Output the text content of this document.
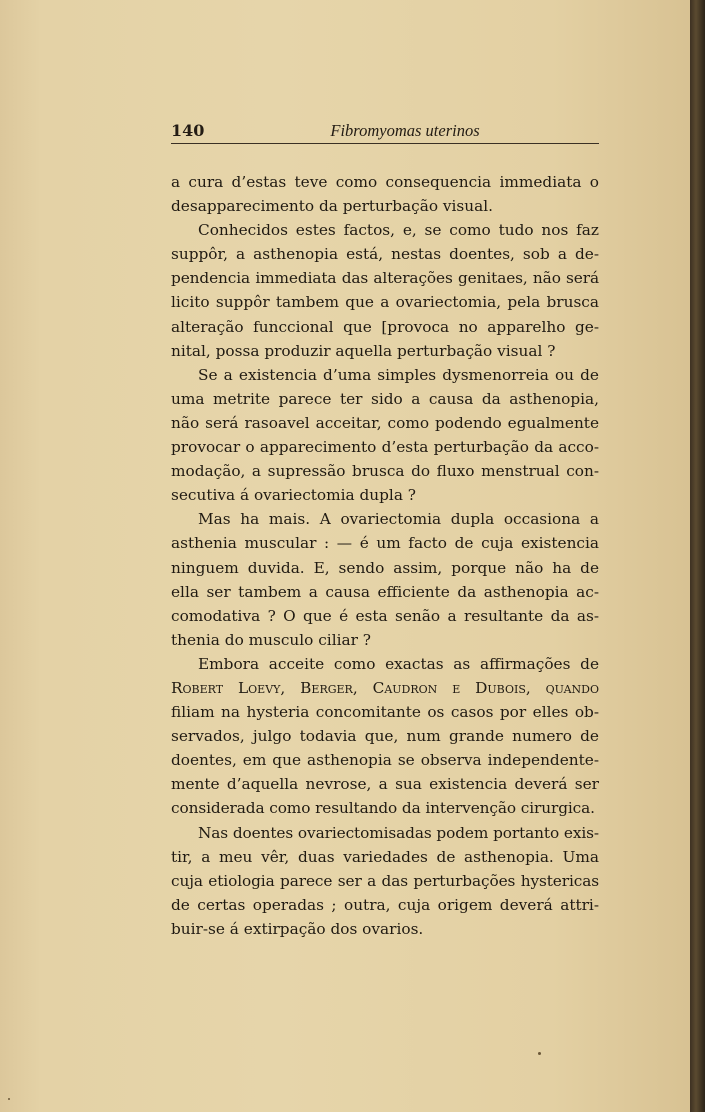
140	Fibromyomas uterinos
a cura d’estas teve como consequencia immediata o
desapparecimento da perturbação visual.
Conhecidos estes factos, e, se como tudo nos faz
suppôr, a asthenopia está, nestas doentes, sob a de-
pendencia immediata das alterações genitaes, não será
licito suppôr tambem que a ovariectomia, pela brusca
alteração funccional que [provoca no apparelho ge-
nital, possa produzir aquella perturbação visual ?
Se a existencia d’uma simples dysmenorreia ou de
uma metrite parece ter sido a causa da asthenopia,
não será rasoavel acceitar, como podendo egualmente
provocar o apparecimento d’esta perturbação da acco-
modação, a supressão brusca do fluxo menstrual con-
secutiva á ovariectomia dupla ?
Mas ha mais. A ovariectomia dupla occasiona a
asthenia muscular : — é um facto de cuja existencia
ninguem duvida. E, sendo assim, porque não ha de
ella ser tambem a causa efficiente da asthenopia ac-
comodativa ? O que é esta senão a resultante da as-
thenia do musculo ciliar ?
Embora acceite como exactas as affirmações de
Robert Loevy, Berger, Caudron e Dubois, quando
filiam na hysteria concomitante os casos por elles ob-
servados, julgo todavia que, num grande numero de
doentes, em que asthenopia se observa independente-
mente d’aquella nevrose, a sua existencia deverá ser
considerada como resultando da intervenção cirurgica.
Nas doentes ovariectomisadas podem portanto exis-
tir, a meu vêr, duas variedades de asthenopia. Uma
cuja etiologia parece ser a das perturbações hystericas
de certas operadas ; outra, cuja origem deverá attri-
buir-se á extirpação dos ovarios.
